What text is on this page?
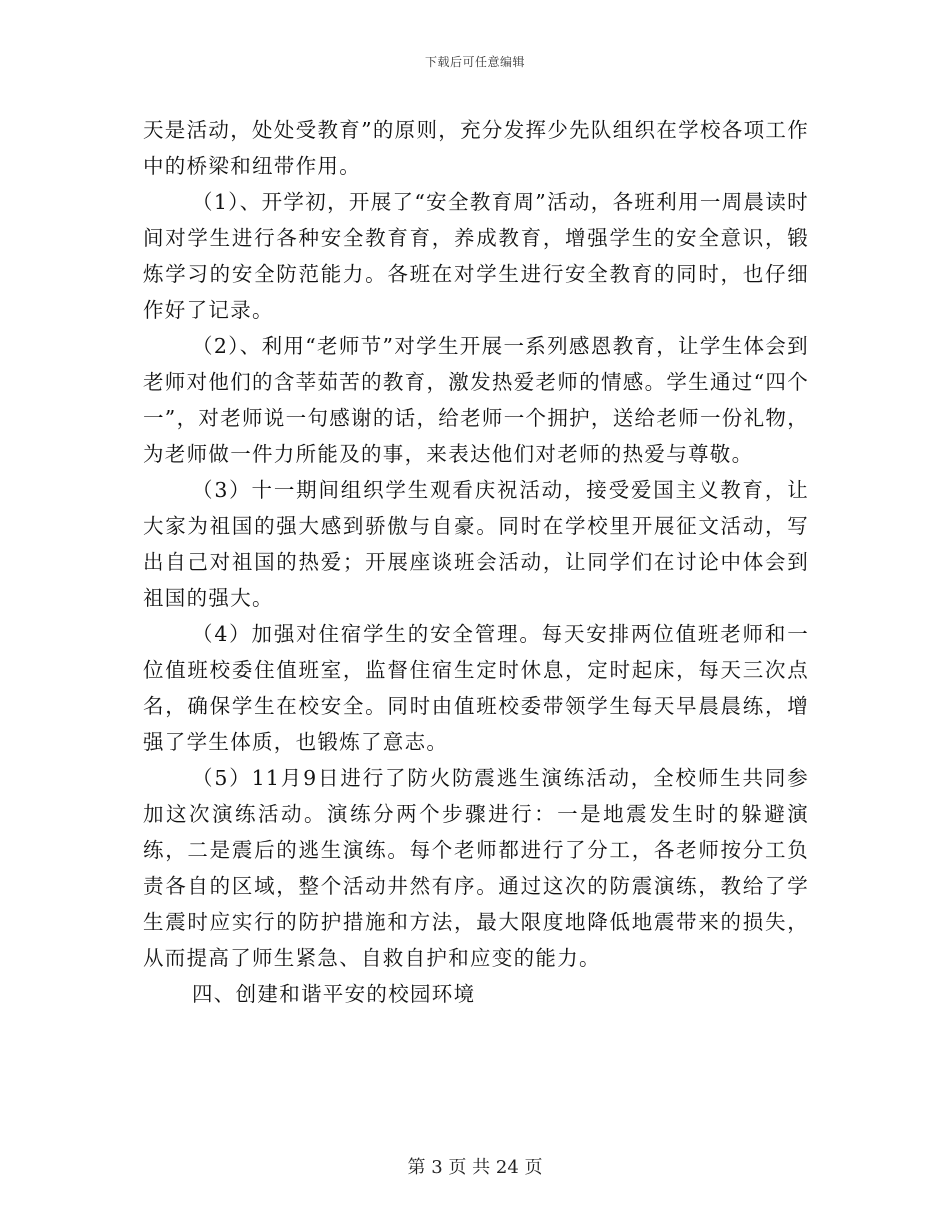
下载后可任意编辑

天是活动，处处受教育”的原则，充分发挥少先队组织在学校各项工作中的桥梁和纽带作用。

（1）、开学初，开展了“安全教育周”活动，各班利用一周晨读时间对学生进行各种安全教育育，养成教育，增强学生的安全意识，锻炼学习的安全防范能力。各班在对学生进行安全教育的同时，也仔细作好了记录。

（2）、利用“老师节”对学生开展一系列感恩教育，让学生体会到老师对他们的含莘茹苦的教育，激发热爱老师的情感。学生通过“四个一”，对老师说一句感谢的话，给老师一个拥护，送给老师一份礼物，为老师做一件力所能及的事，来表达他们对老师的热爱与尊敬。

（3）十一期间组织学生观看庆祝活动，接受爱国主义教育，让大家为祖国的强大感到骄傲与自豪。同时在学校里开展征文活动，写出自己对祖国的热爱；开展座谈班会活动，让同学们在讨论中体会到祖国的强大。

（4）加强对住宿学生的安全管理。每天安排两位值班老师和一位值班校委住值班室，监督住宿生定时休息，定时起床，每天三次点名，确保学生在校安全。同时由值班校委带领学生每天早晨晨练，增强了学生体质，也锻炼了意志。

（5）11月9日进行了防火防震逃生演练活动，全校师生共同参加这次演练活动。演练分两个步骤进行：一是地震发生时的躲避演练，二是震后的逃生演练。每个老师都进行了分工，各老师按分工负责各自的区域，整个活动井然有序。通过这次的防震演练，教给了学生震时应实行的防护措施和方法，最大限度地降低地震带来的损失，从而提高了师生紧急、自救自护和应变的能力。

四、创建和谐平安的校园环境

第 3 页 共 24 页
